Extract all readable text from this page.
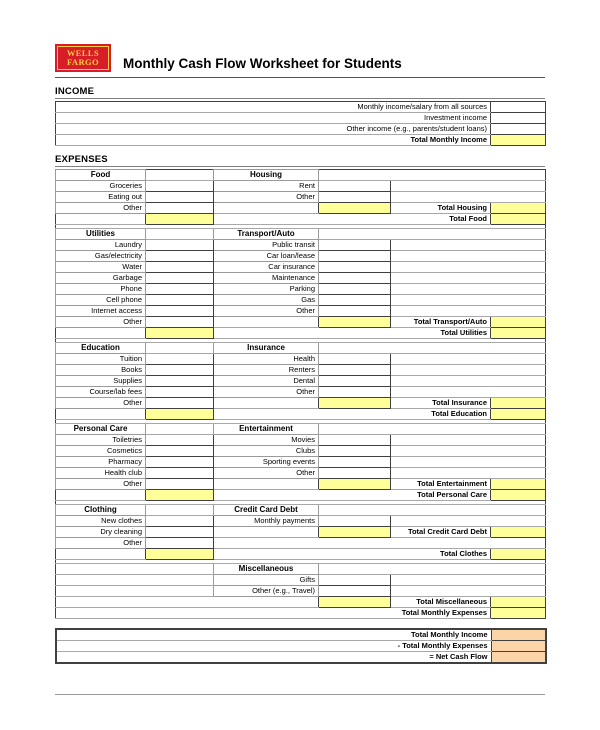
WELLS
FARGO Monthly Cash Flow Worksheet for Students
INCOME
Monthly income/salary from all sources	
Investment income	
Other income (e.g., parents/student loans)	
Total Monthly Income	
EXPENSES
Food		Housing			
Groceries		Rent			
Eating out		Other			
Other				Total Housing	
				Total Food	

Utilities		Transport/Auto			
Laundry		Public transit			
Gas/electricity		Car loan/lease			
Water		Car insurance			
Garbage		Maintenance			
Phone		Parking			
Cell phone		Gas			
Internet access		Other			
Other				Total Transport/Auto	
				Total Utilities	

Education		Insurance			
Tuition		Health			
Books		Renters			
Supplies		Dental			
Course/lab fees		Other			
Other				Total Insurance	
				Total Education	

Personal Care		Entertainment			
Toiletries		Movies			
Cosmetics		Clubs			
Pharmacy		Sporting events			
Health club		Other			
Other				Total Entertainment	
				Total Personal Care	

Clothing		Credit Card Debt			
New clothes		Monthly payments			
Dry cleaning				Total Credit Card Debt	
Other					
				Total Clothes	

		Miscellaneous			
		Gifts			
		Other (e.g., Travel)			
				Total Miscellaneous	
				Total Monthly Expenses	
Total Monthly Income	
- Total Monthly Expenses	
= Net Cash Flow	
